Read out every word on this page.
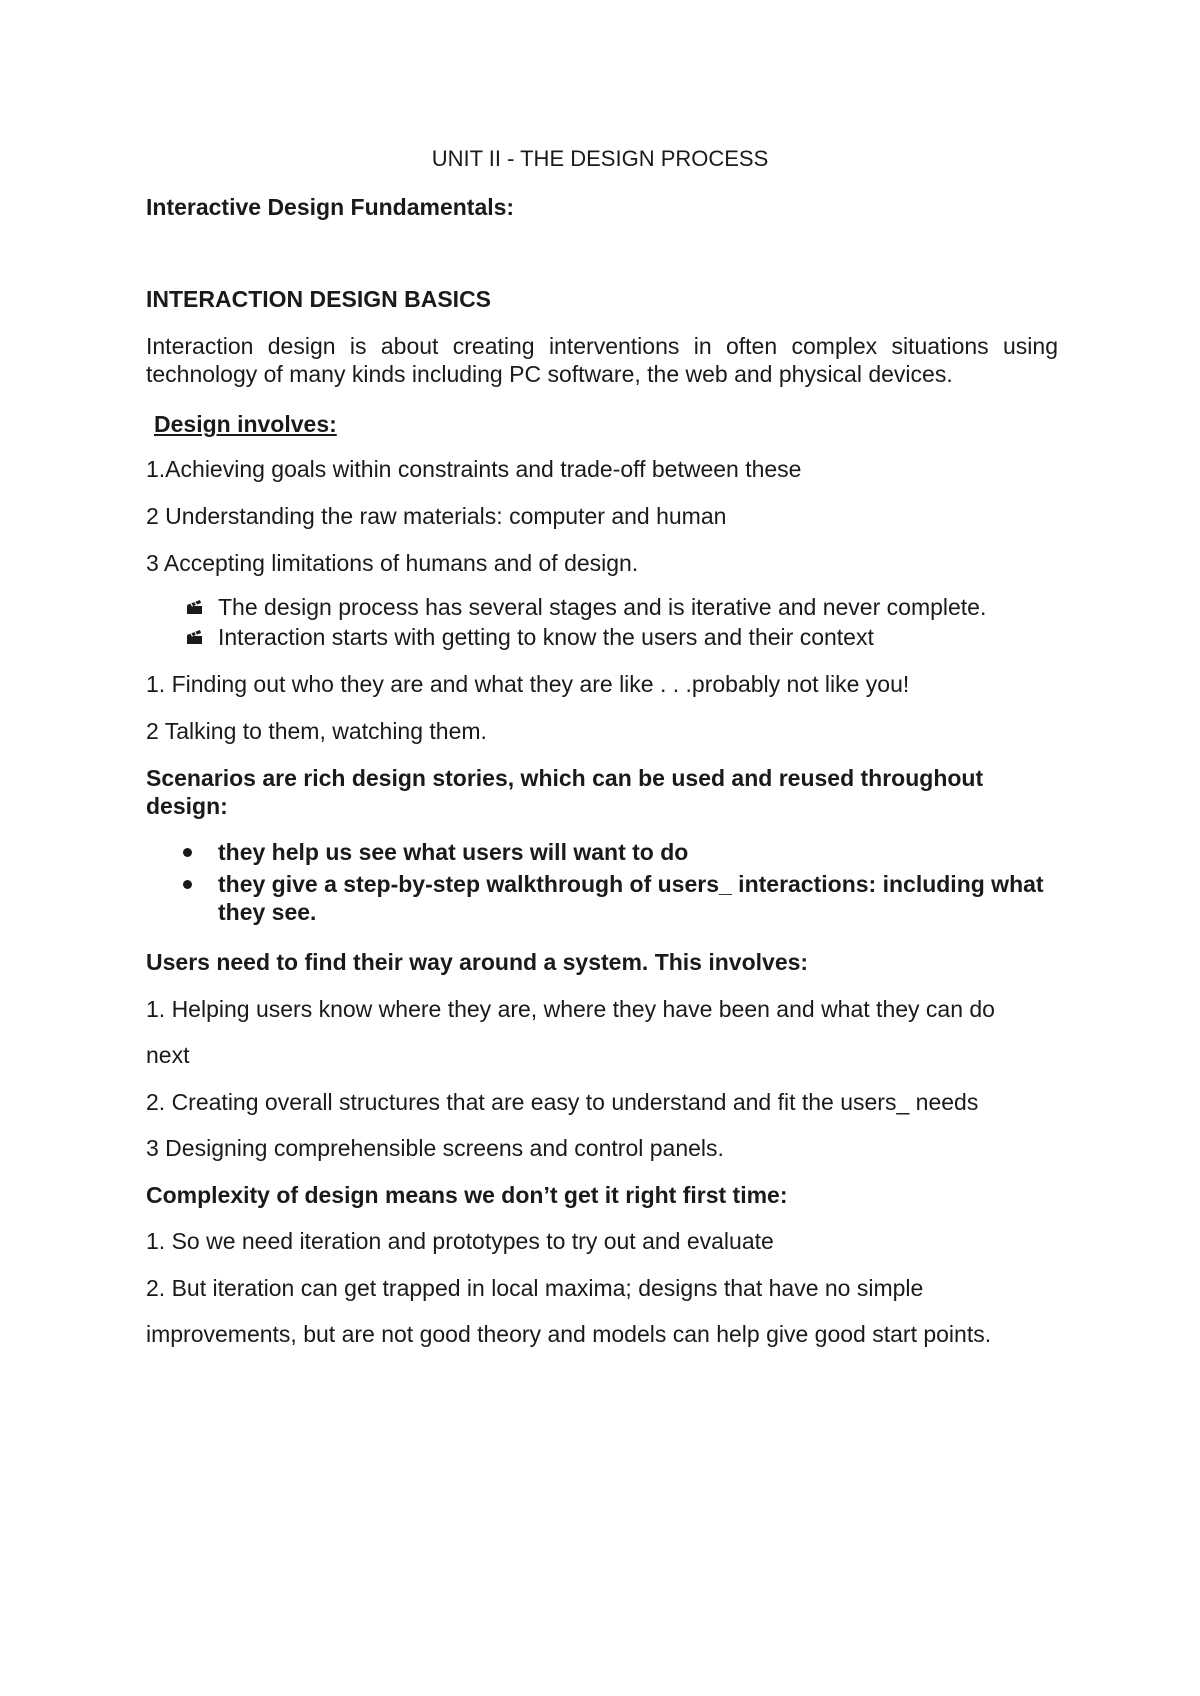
UNIT II - THE DESIGN PROCESS

Interactive Design Fundamentals:

INTERACTION DESIGN BASICS

Interaction design is about creating interventions in often complex situations using technology of many kinds including PC software, the web and physical devices.

Design involves:

1.Achieving goals within constraints and trade-off between these

2 Understanding the raw materials: computer and human

3 Accepting limitations of humans and of design.

The design process has several stages and is iterative and never complete.

Interaction starts with getting to know the users and their context

1. Finding out who they are and what they are like . . .probably not like you!

2 Talking to them, watching them.

Scenarios are rich design stories, which can be used and reused throughout design:

they help us see what users will want to do

they give a step-by-step walkthrough of users_ interactions: including what they see.

Users need to find their way around a system. This involves:

1. Helping users know where they are, where they have been and what they can do

next

2. Creating overall structures that are easy to understand and fit the users_ needs

3 Designing comprehensible screens and control panels.

Complexity of design means we don’t get it right first time:

1. So we need iteration and prototypes to try out and evaluate

2. But iteration can get trapped in local maxima; designs that have no simple

improvements, but are not good theory and models can help give good start points.
